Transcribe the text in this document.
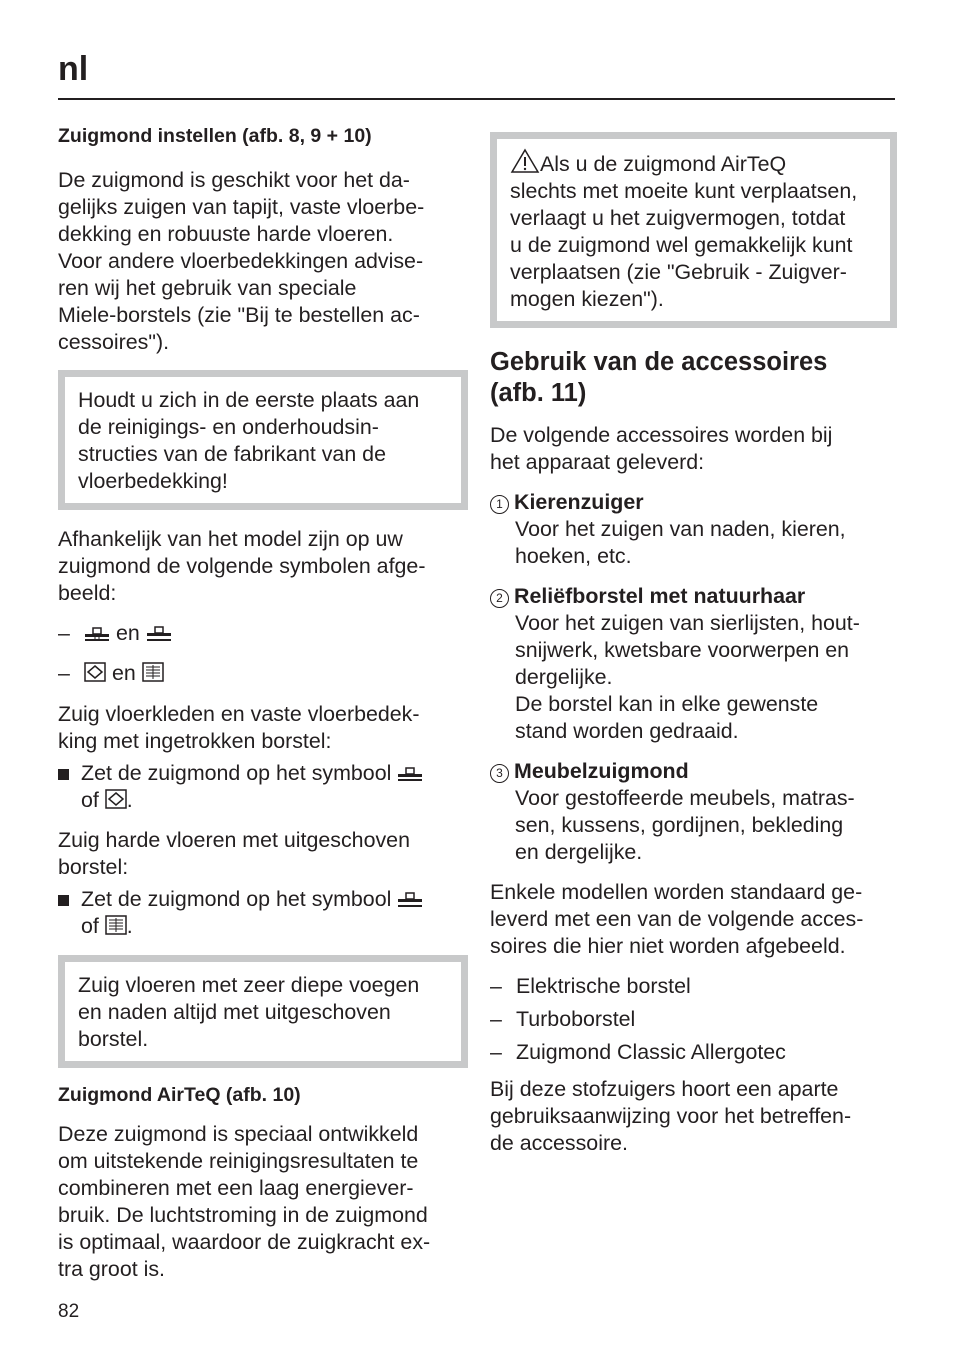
nl

Zuigmond instellen (afb. 8, 9 + 10)

De zuigmond is geschikt voor het da-
gelijks zuigen van tapijt, vaste vloerbe-
dekking en robuuste harde vloeren.
Voor andere vloerbedekkingen advise-
ren wij het gebruik van speciale
Miele-borstels (zie "Bij te bestellen ac-
cessoires").

Houdt u zich in de eerste plaats aan
de reinigings- en onderhoudsin-
structies van de fabrikant van de
vloerbedekking!

Afhankelijk van het model zijn op uw
zuigmond de volgende symbolen afge-
beeld:

–	en
–	en

Zuig vloerkleden en vaste vloerbedek-
king met ingetrokken borstel:

Zet de zuigmond op het symbool
of .

Zuig harde vloeren met uitgeschoven
borstel:

Zet de zuigmond op het symbool
of .

Zuig vloeren met zeer diepe voegen
en naden altijd met uitgeschoven
borstel.

Zuigmond AirTeQ (afb. 10)

Deze zuigmond is speciaal ontwikkeld
om uitstekende reinigingsresultaten te
combineren met een laag energiever-
bruik. De luchtstroming in de zuigmond
is optimaal, waardoor de zuigkracht ex-
tra groot is.

Als u de zuigmond AirTeQ
slechts met moeite kunt verplaatsen,
verlaagt u het zuigvermogen, totdat
u de zuigmond wel gemakkelijk kunt
verplaatsen (zie "Gebruik - Zuigver-
mogen kiezen").

Gebruik van de accessoires
(afb. 11)

De volgende accessoires worden bij
het apparaat geleverd:

1 Kierenzuiger

Voor het zuigen van naden, kieren,
hoeken, etc.

2 Reliëfborstel met natuurhaar

Voor het zuigen van sierlijsten, hout-
snijwerk, kwetsbare voorwerpen en
dergelijke.
De borstel kan in elke gewenste
stand worden gedraaid.

3 Meubelzuigmond

Voor gestoffeerde meubels, matras-
sen, kussens, gordijnen, bekleding
en dergelijke.

Enkele modellen worden standaard ge-
leverd met een van de volgende acces-
soires die hier niet worden afgebeeld.

– Elektrische borstel
– Turboborstel
– Zuigmond Classic Allergotec

Bij deze stofzuigers hoort een aparte
gebruiksaanwijzing voor het betreffen-
de accessoire.

82
